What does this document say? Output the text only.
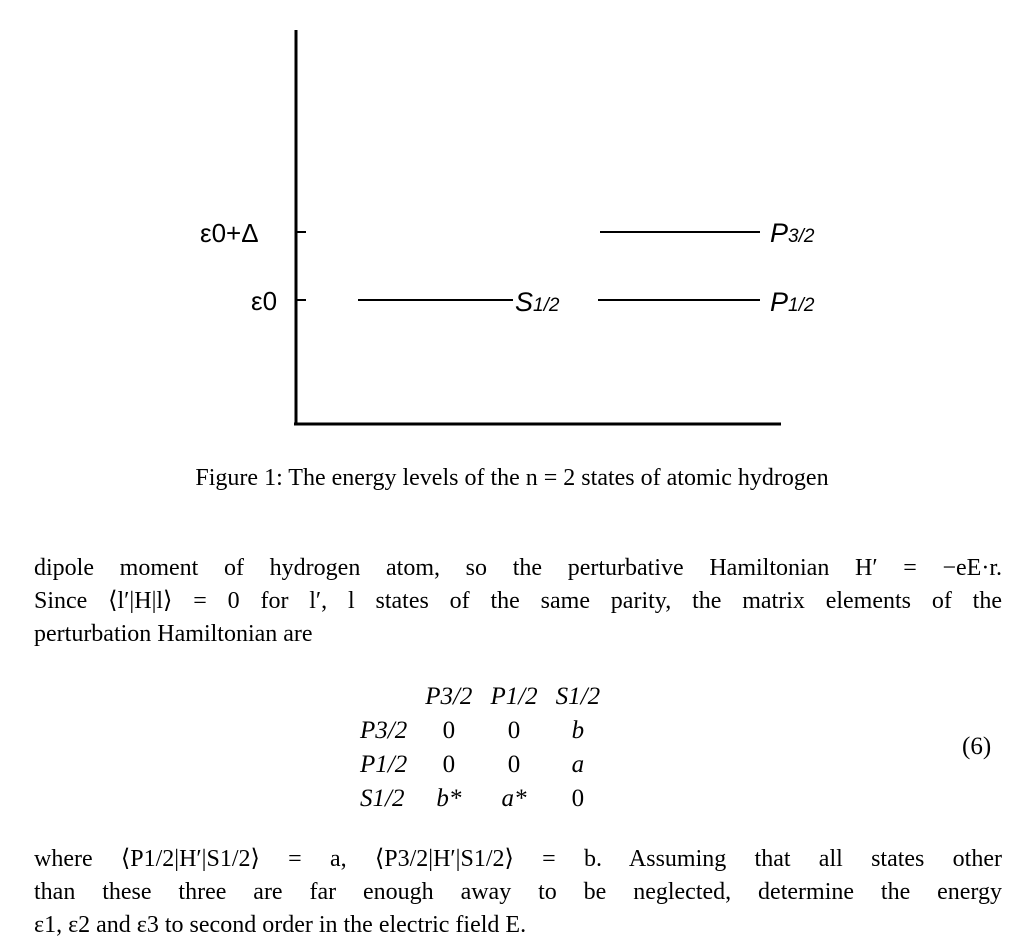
ε0+Δ
ε0	S1/2	P1/2
P3/2
Figure 1: The energy levels of the n = 2 states of atomic hydrogen
dipole moment of hydrogen atom, so the perturbative Hamiltonian H′ = −eE·r.
Since ⟨l′|H|l⟩ = 0 for l′, l states of the same parity, the matrix elements of the
perturbation Hamiltonian are
	P3/2	P1/2	S1/2
P3/2	0	0	b
P1/2	0	0	a
S1/2	b*	a*	0
(6)
where ⟨P1/2|H′|S1/2⟩ = a, ⟨P3/2|H′|S1/2⟩ = b. Assuming that all states other
than these three are far enough away to be neglected, determine the energy
ε1, ε2 and ε3 to second order in the electric field E.
